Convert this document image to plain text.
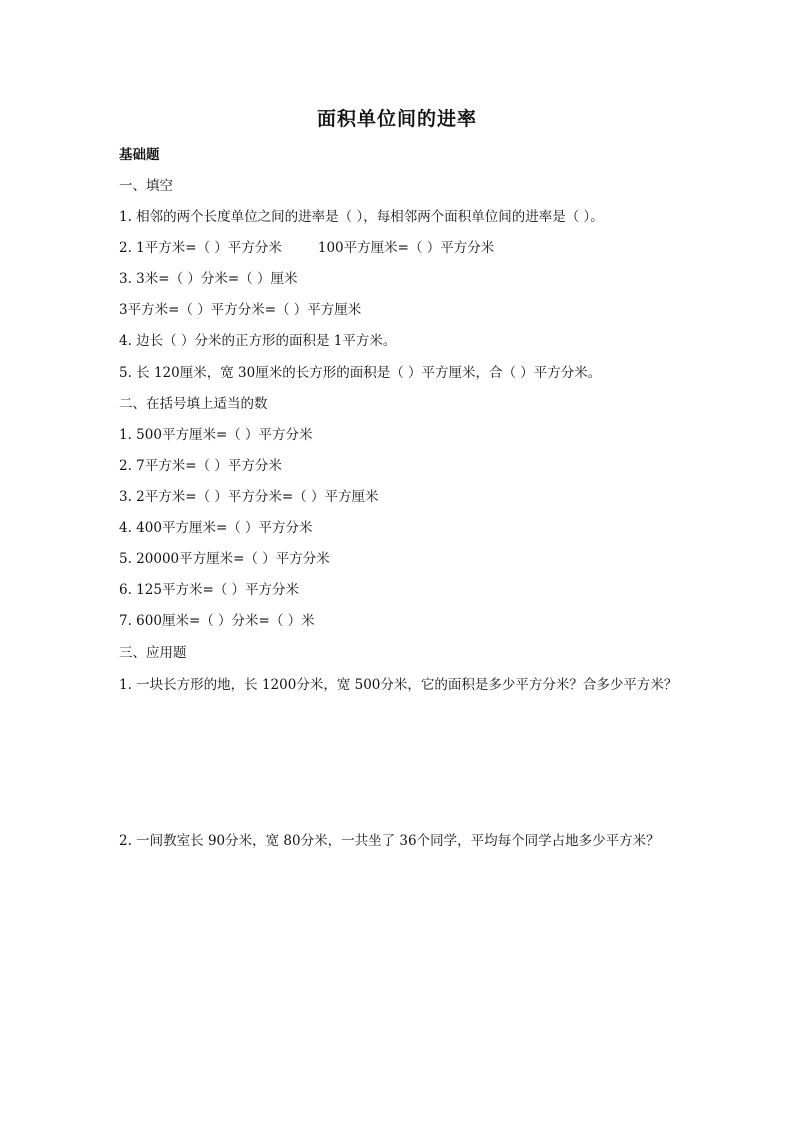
面积单位间的进率
基础题
一、填空
1. 相邻的两个长度单位之间的进率是（ ），每相邻两个面积单位间的进率是（ ）。
2. 1平方米=（ ）平方分米	100平方厘米=（ ）平方分米
3. 3米=（ ）分米=（ ）厘米
3平方米=（ ）平方分米=（ ）平方厘米
4. 边长（ ）分米的正方形的面积是 1平方米。
5. 长 120厘米，宽 30厘米的长方形的面积是（ ）平方厘米，合（ ）平方分米。
二、在括号填上适当的数
1. 500平方厘米=（ ）平方分米
2. 7平方米=（ ）平方分米
3. 2平方米=（ ）平方分米=（ ）平方厘米
4. 400平方厘米=（ ）平方分米
5. 20000平方厘米=（ ）平方分米
6. 125平方米=（ ）平方分米
7. 600厘米=（ ）分米=（ ）米
三、应用题
1. 一块长方形的地，长 1200分米，宽 500分米，它的面积是多少平方分米？合多少平方米？
2. 一间教室长 90分米，宽 80分米，一共坐了 36个同学，平均每个同学占地多少平方米？
